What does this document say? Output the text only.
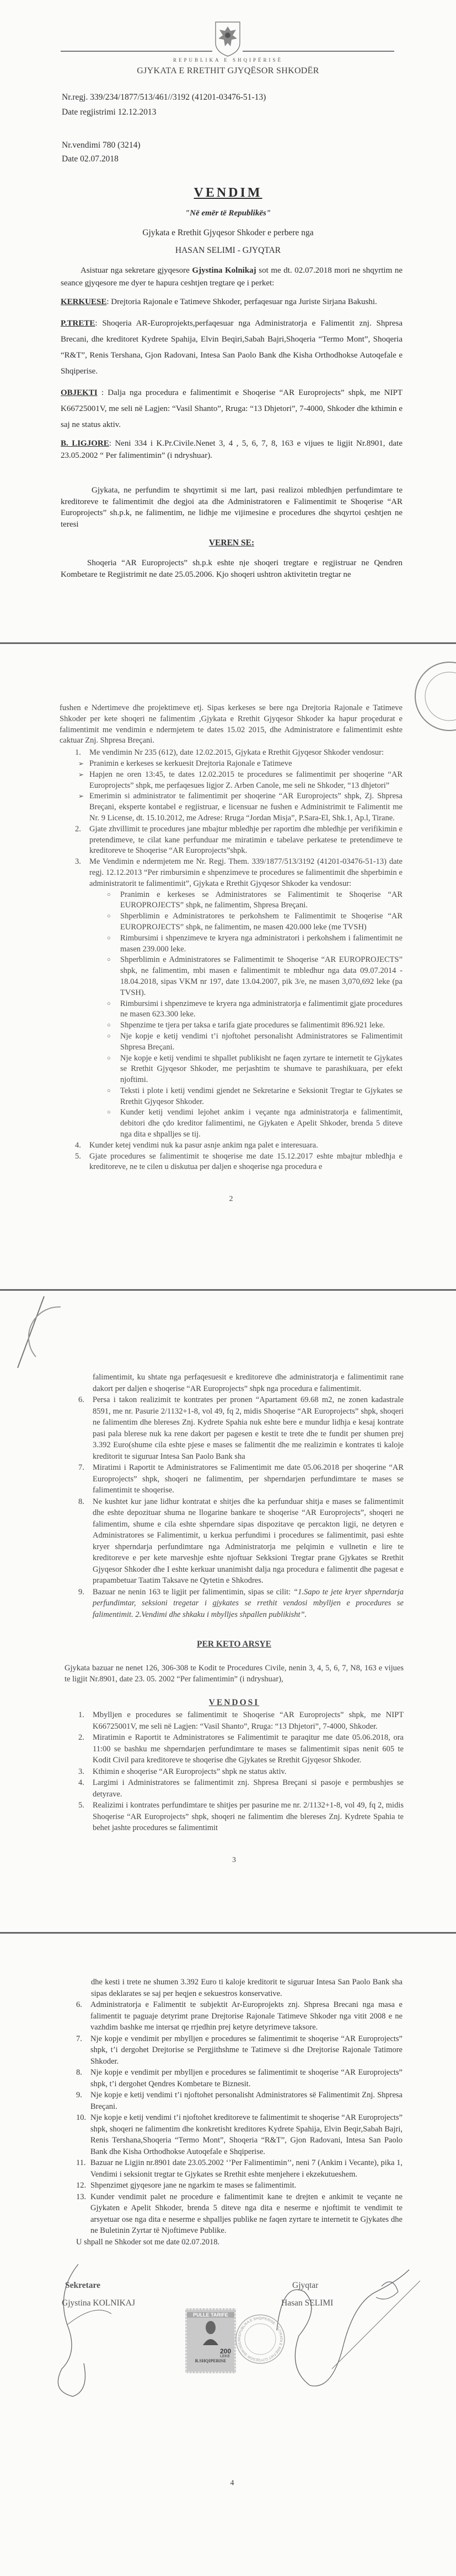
REPUBLIKA E SHQIPËRISË
GJYKATA E RRETHIT GJYQËSOR SHKODËR
Nr.regj. 339/234/1877/513/461//3192 (41201-03476-51-13)
Date regjistrimi 12.12.2013
Nr.vendimi 780 (3214)
Date 02.07.2018
VENDIM
"Në emër të Republikës"
Gjykata e Rrethit Gjyqesor Shkoder e perbere nga
HASAN SELIMI - GJYQTAR
Asistuar nga sekretare gjyqesore Gjystina Kolnikaj sot me dt. 02.07.2018 mori ne shqyrtim ne seance gjyqesore me dyer te hapura ceshtjen tregtare qe i perket:
KERKUESE: Drejtoria Rajonale e Tatimeve Shkoder, perfaqesuar nga Juriste Sirjana Bakushi.
P.TRETE: Shoqeria AR-Europrojekts,perfaqesuar nga Administratorja e Falimentit znj. Shpresa Brecani, dhe kreditoret Kydrete Spahija, Elvin Beqiri,Sabah Bajri,Shoqeria “Termo Mont”, Shoqeria “R&T”, Renis Tershana, Gjon Radovani, Intesa San Paolo Bank dhe Kisha Orthodhokse Autoqefale e Shqiperise.
OBJEKTI : Dalja nga procedura e falimentimit e Shoqerise “AR Europrojects” shpk, me NIPT K66725001V, me seli në Lagjen: “Vasil Shanto”, Rruga: “13 Dhjetori”, 7-4000, Shkoder dhe kthimin e saj ne status aktiv.
B. LIGJORE: Neni 334 i K.Pr.Civile.Nenet 3, 4 , 5, 6, 7, 8, 163 e vijues te ligjit Nr.8901, date 23.05.2002 “ Per falimentimin” (i ndryshuar).
Gjykata, ne perfundim te shqyrtimit si me lart, pasi realizoi mbledhjen perfundimtare te kreditoreve te falimentimit dhe degjoi ata dhe Administratoren e Falimentimit te Shoqerise “AR Europrojects” sh.p.k, ne falimentim, ne lidhje me vijimesine e procedures dhe shqyrtoi çeshtjen ne teresi
VEREN SE:
Shoqeria “AR Europrojects” sh.p.k eshte nje shoqeri tregtare e regjistruar ne Qendren Kombetare te Regjistrimit ne date 25.05.2006. Kjo shoqeri ushtron aktivitetin tregtar ne
fushen e Ndertimeve dhe projektimeve etj. Sipas kerkeses se bere nga Drejtoria Rajonale e Tatimeve Shkoder per kete shoqeri ne falimentim ,Gjykata e Rrethit Gjyqesor Shkoder ka hapur proçedurat e falimentimit me vendimin e ndermjetem te dates 15.02 2015, dhe Administratore e falimentimit eshte caktuar Znj. Shpresa Breçani.
1. Me vendimin Nr 235 (612), date 12.02.2015, Gjykata e Rrethit Gjyqesor Shkoder vendosur:
➢ Pranimin e kerkeses se kerkuesit Drejtoria Rajonale e Tatimeve
➢ Hapjen ne oren 13:45, te dates 12.02.2015 te procedures se falimentimit per shoqerine “AR Europrojects” shpk, me perfaqesues ligjor Z. Arben Canole, me seli ne Shkoder, “13 dhjetori”
➢ Emerimin si administrator te falimentimit per shoqerine “AR Europrojects” shpk, Zj. Shpresa Breçani, eksperte kontabel e regjistruar, e licensuar ne fushen e Administrimit te Falimentit me Nr. 9 License, dt. 15.10.2012, me Adrese: Rruga “Jordan Misja”, P.Sara-El, Shk.1, Ap.l, Tirane.
2. Gjate zhvillimit te procedures jane mbajtur mbledhje per raportim dhe mbledhje per verifikimin e pretendimeve, te cilat kane perfunduar me miratimin e tabelave perkatese te pretendimeve te kreditoreve te Shoqerise “AR Europrojects”shpk.
3. Me Vendimin e ndermjetem me Nr. Regj. Them. 339/1877/513/3192 (41201-03476-51-13) date regj. 12.12.2013 “Per rimbursimin e shpenzimeve te procedures se falimentimit dhe shperbimin e administratorit te falimentimit”, Gjykata e Rrethit Gjyqesor Shkoder ka vendosur:
○ Pranimin e kerkeses se Administratores se Falimentimit te Shoqerise “AR EUROPROJECTS” shpk, ne falimentim, Shpresa Breçani.
○ Shperblimin e Administratores te perkohshem te Falimentimit te Shoqerise “AR EUROPROJECTS” shpk, ne falimentim, ne masen 420.000 leke (me TVSH)
○ Rimbursimi i shpenzimeve te kryera nga administratori i perkohshem i falimentimit ne masen 239.000 leke.
○ Shperblimin e Administratores se Falimentimit te Shoqerise “AR EUROPROJECTS” shpk, ne falimentim, mbi masen e falimentimit te mbledhur nga data 09.07.2014 - 18.04.2018, sipas VKM nr 197, date 13.04.2007, pik 3/e, ne masen 3,070,692 leke (pa TVSH).
○ Rimbursimi i shpenzimeve te kryera nga administratorja e falimentimit gjate procedures ne masen 623.300 leke.
○ Shpenzime te tjera per taksa e tarifa gjate procedures se falimentimit 896.921 leke.
○ Nje kopje e ketij vendimi t’i njoftohet personalisht Administratores se Falimentimit Shpresa Breçani.
○ Nje kopje e ketij vendimi te shpallet publikisht ne faqen zyrtare te internetit te Gjykates se Rrethit Gjyqesor Shkoder, me perjashtim te shumave te parashikuara, per efekt njoftimi.
○ Teksti i plote i ketij vendimi gjendet ne Sekretarine e Seksionit Tregtar te Gjykates se Rrethit Gjyqesor Shkoder.
○ Kunder ketij vendimi lejohet ankim i veçante nga administratorja e falimentimit, debitori dhe çdo kreditor falimentimi, ne Gjykaten e Apelit Shkoder, brenda 5 diteve nga dita e shpalljes se tij.
4. Kunder ketej vendimi nuk ka pasur asnje ankim nga palet e interesuara.
5. Gjate procedures se falimentimit te shoqerise me date 15.12.2017 eshte mbajtur mbledhja e kreditoreve, ne te cilen u diskutua per daljen e shoqerise nga procedura e
2
falimentimit, ku shtate nga perfaqesuesit e kreditoreve dhe administratorja e falimentimit rane dakort per daljen e shoqerise “AR Europrojects” shpk nga procedura e falimentimit.
6. Persa i takon realizimit te kontrates per pronen “Apartament 69.68 m2, ne zonen kadastrale 8591, me nr. Pasurie 2/1132+1-8, vol 49, fq 2, midis Shoqerise “AR Europrojects” shpk, shoqeri ne falimentim dhe blereses Znj. Kydrete Spahia nuk eshte bere e mundur lidhja e kesaj kontrate pasi pala blerese nuk ka rene dakort per pagesen e kestit te trete dhe te fundit per shumen prej 3.392 Euro(shume cila eshte pjese e mases se falimentit dhe me realizimin e kontrates ti kaloje kreditorit te siguruar Intesa San Paolo Bank sha
7. Miratimi i Raportit te Administratores se Falimentimit me date 05.06.2018 per shoqerine “AR Europrojects” shpk, shoqeri ne falimentim, per shperndarjen perfundimtare te mases se falimentimit te shoqerise.
8. Ne kushtet kur jane lidhur kontratat e shitjes dhe ka perfunduar shitja e mases se falimentimit dhe eshte depozituar shuma ne llogarine bankare te shoqerise “AR Europrojects”, shoqeri ne falimentim, shume e cila eshte shperndare sipas dispozitave qe percakton ligji, ne detyren e Administratores se Falimentimit, u kerkua perfundimi i procedures se falimentimit, pasi eshte kryer shperndarja perfundimtare nga Administratorja me pelqimin e vullnetin e lire te kreditoreve e per kete marveshje eshte njoftuar Sekksioni Tregtar prane Gjykates se Rrethit Gjyqesor Shkoder dhe I eshte kerkuar unanimisht dalja nga procedura e falimentit dhe pagesat e prapambetuar Taatim Taksave ne Qytetin e Shkodres.
9. Bazuar ne nenin 163 te ligjit per falimentimin, sipas se cilit: “1.Sapo te jete kryer shperndarja perfundimtar, seksioni tregetar i gjykates se rrethit vendosi mbylljen e procedures se falimentimit. 2.Vendimi dhe shkaku i mbylljes shpallen publikisht”.
PER KETO ARSYE
Gjykata bazuar ne nenet 126, 306-308 te Kodit te Procedures Civile, nenin 3, 4, 5, 6, 7, N8, 163 e vijues te ligjit Nr.8901, date 23. 05. 2002 “Per falimentimin” (i ndryshuar),
VENDOSI
1. Mbylljen e procedures se falimentimit te Shoqerise “AR Europrojects” shpk, me NIPT K66725001V, me seli në Lagjen: “Vasil Shanto”, Rruga: “13 Dhjetori”, 7-4000, Shkoder.
2. Miratimin e Raportit te Administratores se Falimentimit te paraqitur me date 05.06.2018, ora 11:00 se bashku me shperndarjen perfundimtare te mases se falimentimit sipas nenit 605 te Kodit Civil para kreditoreve te shoqerise dhe Gjykates se Rrethit Gjyqesor Shkoder.
3. Kthimin e shoqerise “AR Europrojects” shpk ne status aktiv.
4. Largimi i Administratores se falimentimit znj. Shpresa Breçani si pasoje e permbushjes se detyrave.
5. Realizimi i kontrates perfundimtare te shitjes per pasurine me nr. 2/1132+1-8, vol 49, fq 2, midis Shoqerise “AR Europrojects” shpk, shoqeri ne falimentim dhe blereses Znj. Kydrete Spahia te behet jashte procedures se falimentimit
3
dhe kesti i trete ne shumen 3.392 Euro ti kaloje kreditorit te siguruar Intesa San Paolo Bank sha sipas deklarates se saj per heqjen e sekuestros konservative.
6. Administratorja e Falimentit te subjektit Ar-Europrojekts znj. Shpresa Brecani nga masa e falimentit te paguaje detyrimt prane Drejtorise Rajonale Tatimeve Shkoder nga vitit 2008 e ne vazhdim bashke me intersat qe rrjedhin prej ketyre detyrimeve taksore.
7. Nje kopje e vendimit per mbylljen e procedures se falimentimit te shoqerise “AR Europrojects” shpk, t’i dergohet Drejtorise se Pergjithshme te Tatimeve si dhe Drejtorise Rajonale Tatimore Shkoder.
8. Nje kopje e vendimit per mbylljen e procedures se falimentimit te shoqerise “AR Europrojects” shpk, t’i dergohet Qendres Kombetare te Biznesit.
9. Nje kopje e ketij vendimi t’i njoftohet personalisht Administratores së Falimentimit Znj. Shpresa Breçani.
10. Nje kopje e ketij vendimi t’i njoftohet kreditoreve te falimentimit te shoqerise “AR Europrojects” shpk, shoqeri ne falimentim dhe konkretisht kreditores Kydrete Spahija, Elvin Beqir,Sabah Bajri, Renis Tershana,Shoqeria “Termo Mont”, Shoqeria “R&T”, Gjon Radovani, Intesa San Paolo Bank dhe Kisha Orthodhokse Autoqefale e Shqiperise.
11. Bazuar ne Ligjin nr.8901 date 23.05.2002 ‘’Per Falimentimin’’, neni 7 (Ankim i Vecante), pika 1, Vendimi i seksionit tregtar te Gjykates se Rrethit eshte menjehere i ekzekutueshem.
12. Shpenzimet gjyqesore jane ne ngarkim te mases se falimentimit.
13. Kunder vendimit palet ne procedure e falimentimit kane te drejten e ankimit te veçante ne Gjykaten e Apelit Shkoder, brenda 5 diteve nga dita e neserme e njoftimit te vendimit te arsyetuar ose nga dita e neserme e shpalljes publike ne faqen zyrtare te internetit te Gjykates dhe ne Buletinin Zyrtar të Njoftimeve Publike.
U shpall ne Shkoder sot me date 02.07.2018.
Sekretare
Gjystina KOLNIKAJ
Gjyqtar
Hasan SELIMI
PULLE TARIFE
200
LEKE
R.SHQIPERISE
REPUBLIKA E SHQIPERISE · GJYKATA E RRETHIT GJYQESOR SHKODER
4
